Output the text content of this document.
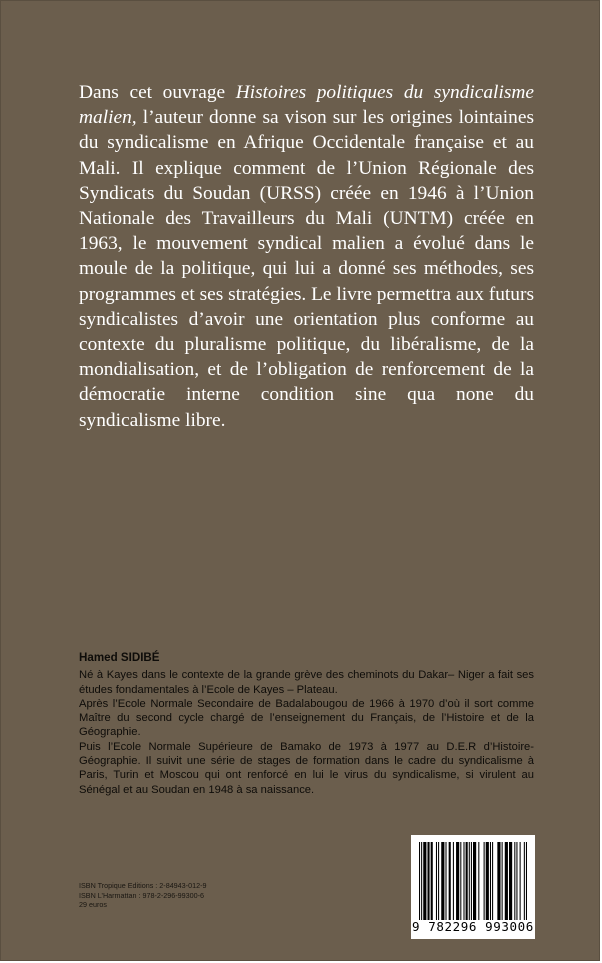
Dans cet ouvrage Histoires politiques du syndicalisme malien, l’auteur donne sa vison sur les origines lointaines du syndicalisme en Afrique Occidentale française et au Mali. Il explique comment de l’Union Régionale des Syndicats du Soudan (URSS) créée en 1946 à l’Union Nationale des Travailleurs du Mali (UNTM) créée en 1963, le mouvement syndical malien a évolué dans le moule de la politique, qui lui a donné ses méthodes, ses programmes et ses stratégies. Le livre permettra aux futurs syndicalistes d’avoir une orientation plus conforme au contexte du pluralisme politique, du libéralisme, de la mondialisation, et de l’obligation de renforcement de la démocratie interne condition sine qua none du syndicalisme libre.

Hamed SIDIBÉ

Né à Kayes dans le contexte de la grande grève des cheminots du Dakar– Niger a fait ses études fondamentales à l’Ecole de Kayes – Plateau.

Après l’Ecole Normale Secondaire de Badalabougou de 1966 à 1970 d’où il sort comme Maître du second cycle chargé de l’enseignement du Français, de l’Histoire et de la Géographie.

Puis l’Ecole Normale Supérieure de Bamako de 1973 à 1977 au D.E.R d’Histoire-Géographie. Il suivit une série de stages de formation dans le cadre du syndicalisme à Paris, Turin et Moscou qui ont renforcé en lui le virus du syndicalisme, si virulent au Sénégal et au Soudan en 1948 à sa naissance.

ISBN Tropique Editions : 2-84943-012-9
ISBN L’Harmattan : 978-2-296-99300-6
29 euros
9 782296 993006
